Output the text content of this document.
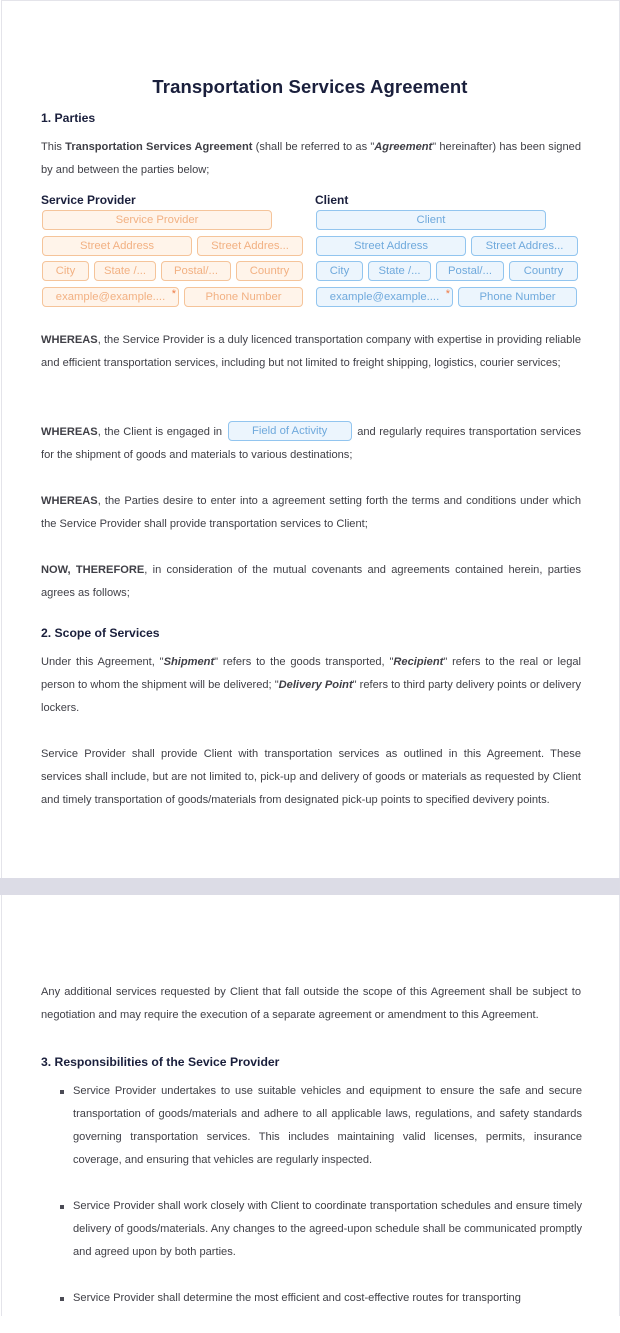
Transportation Services Agreement
1. Parties

This Transportation Services Agreement (shall be referred to as "Agreement" hereinafter) has been signed by and between the parties below;

Service Provider	Client
Service Provider
Street Address	Street Addres...
City	State /...	Postal/...	Country
example@example.... *	Phone Number
Client
Street Address	Street Addres...
City	State /...	Postal/...	Country
example@example.... *	Phone Number

WHEREAS, the Service Provider is a duly licenced transportation company with expertise in providing reliable and efficient transportation services, including but not limited to freight shipping, logistics, courier services;

WHEREAS, the Client is engaged in Field of Activity and regularly requires transportation services for the shipment of goods and materials to various destinations;

WHEREAS, the Parties desire to enter into a agreement setting forth the terms and conditions under which the Service Provider shall provide transportation services to Client;

NOW, THEREFORE, in consideration of the mutual covenants and agreements contained herein, parties agrees as follows;

2. Scope of Services

Under this Agreement, "Shipment" refers to the goods transported, "Recipient" refers to the real or legal person to whom the shipment will be delivered; "Delivery Point" refers to third party delivery points or delivery lockers.

Service Provider shall provide Client with transportation services as outlined in this Agreement. These services shall include, but are not limited to, pick-up and delivery of goods or materials as requested by Client and timely transportation of goods/materials from designated pick-up points to specified devivery points.

Any additional services requested by Client that fall outside the scope of this Agreement shall be subject to negotiation and may require the execution of a separate agreement or amendment to this Agreement.

3. Responsibilities of the Sevice Provider
Service Provider undertakes to use suitable vehicles and equipment to ensure the safe and secure transportation of goods/materials and adhere to all applicable laws, regulations, and safety standards governing transportation services. This includes maintaining valid licenses, permits, insurance coverage, and ensuring that vehicles are regularly inspected.
Service Provider shall work closely with Client to coordinate transportation schedules and ensure timely delivery of goods/materials. Any changes to the agreed-upon schedule shall be communicated promptly and agreed upon by both parties.
Service Provider shall determine the most efficient and cost-effective routes for transporting
